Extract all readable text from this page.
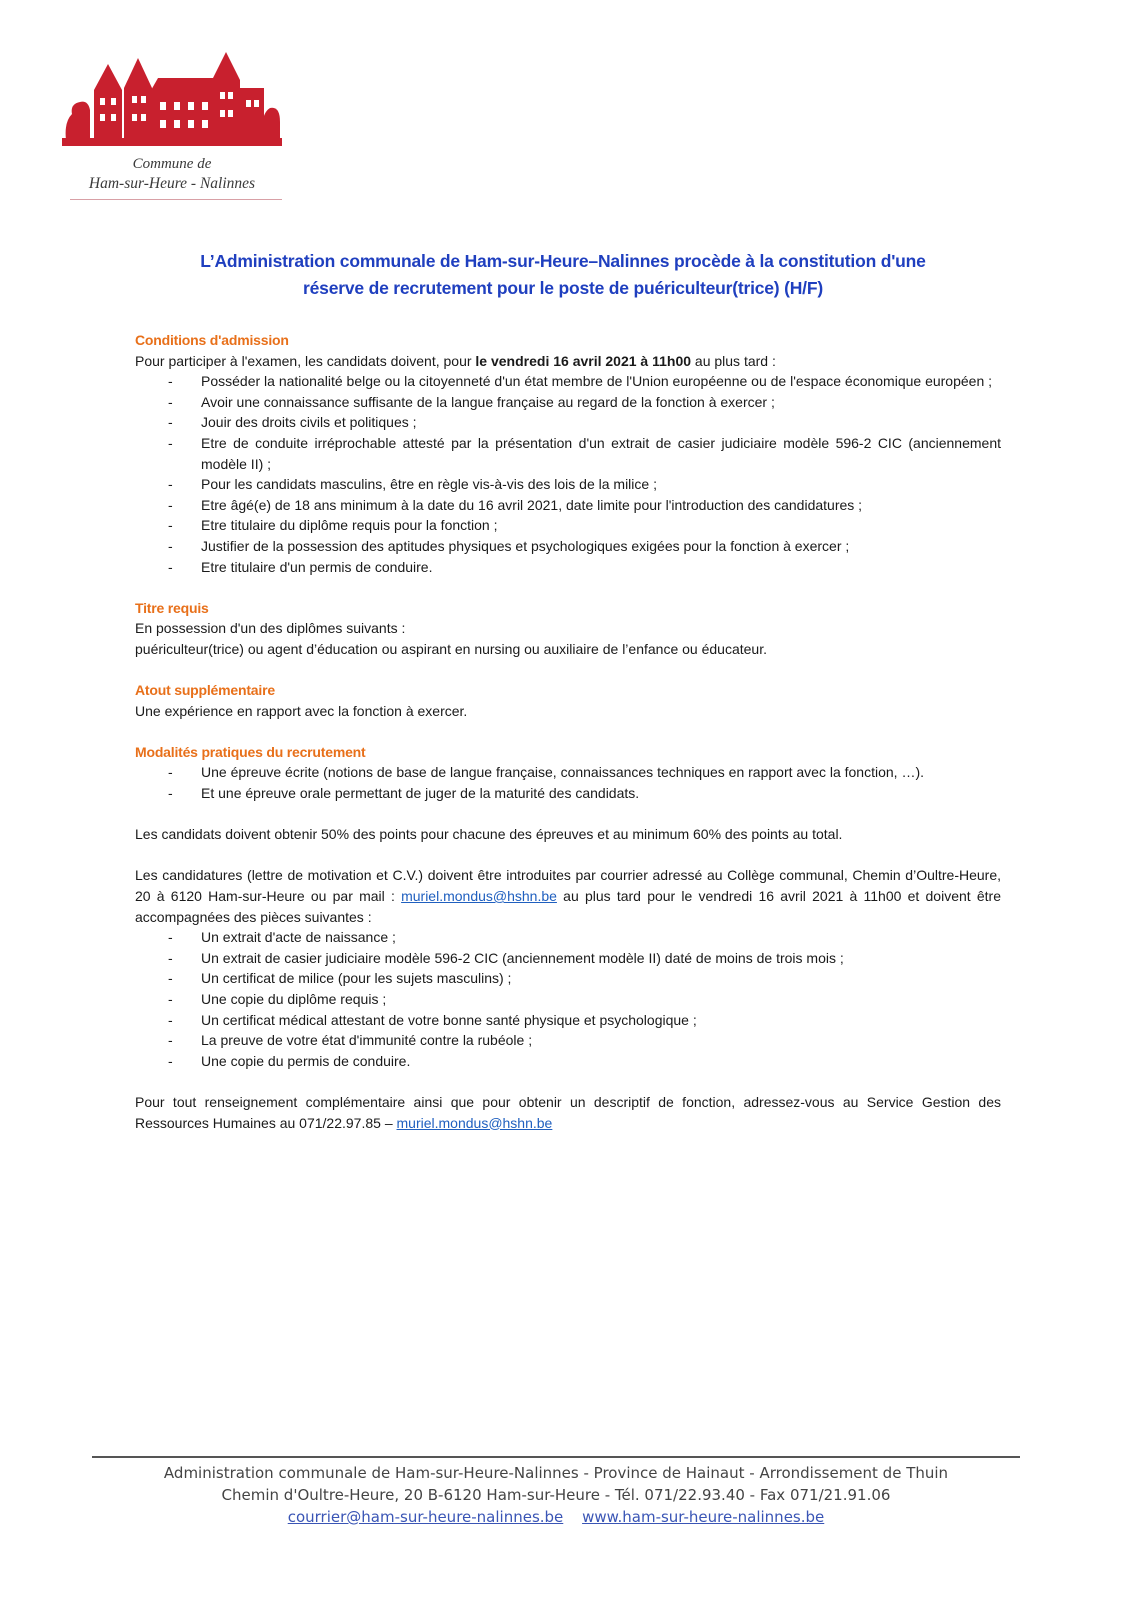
Commune de
Ham-sur-Heure - Nalinnes
L’Administration communale de Ham-sur-Heure–Nalinnes procède à la constitution d'une
réserve de recrutement pour le poste de puériculteur(trice) (H/F)
Conditions d'admission

Pour participer à l'examen, les candidats doivent, pour le vendredi 16 avril 2021 à 11h00 au plus tard :

- Posséder la nationalité belge ou la citoyenneté d'un état membre de l'Union européenne ou de l'espace économique européen ;
- Avoir une connaissance suffisante de la langue française au regard de la fonction à exercer ;
- Jouir des droits civils et politiques ;
- Etre de conduite irréprochable attesté par la présentation d'un extrait de casier judiciaire modèle 596-2 CIC (anciennement modèle II) ;
- Pour les candidats masculins, être en règle vis-à-vis des lois de la milice ;
- Etre âgé(e) de 18 ans minimum à la date du 16 avril 2021, date limite pour l'introduction des candidatures ;
- Etre titulaire du diplôme requis pour la fonction ;
- Justifier de la possession des aptitudes physiques et psychologiques exigées pour la fonction à exercer ;
- Etre titulaire d'un permis de conduire.
Titre requis

En possession d'un des diplômes suivants :

puériculteur(trice) ou agent d’éducation ou aspirant en nursing ou auxiliaire de l’enfance ou éducateur.

Atout supplémentaire

Une expérience en rapport avec la fonction à exercer.

Modalités pratiques du recrutement
- Une épreuve écrite (notions de base de langue française, connaissances techniques en rapport avec la fonction, …).
- Et une épreuve orale permettant de juger de la maturité des candidats.

Les candidats doivent obtenir 50% des points pour chacune des épreuves et au minimum 60% des points au total.

Les candidatures (lettre de motivation et C.V.) doivent être introduites par courrier adressé au Collège communal, Chemin d’Oultre-Heure, 20 à 6120 Ham-sur-Heure ou par mail : muriel.mondus@hshn.be au plus tard pour le vendredi 16 avril 2021 à 11h00 et doivent être accompagnées des pièces suivantes :

- Un extrait d'acte de naissance ;
- Un extrait de casier judiciaire modèle 596-2 CIC (anciennement modèle II) daté de moins de trois mois ;
- Un certificat de milice (pour les sujets masculins) ;
- Une copie du diplôme requis ;
- Un certificat médical attestant de votre bonne santé physique et psychologique ;
- La preuve de votre état d'immunité contre la rubéole ;
- Une copie du permis de conduire.

Pour tout renseignement complémentaire ainsi que pour obtenir un descriptif de fonction, adressez-vous au Service Gestion des Ressources Humaines au 071/22.97.85 – muriel.mondus@hshn.be

Administration communale de Ham-sur-Heure-Nalinnes - Province de Hainaut - Arrondissement de Thuin
Chemin d'Oultre-Heure, 20 B-6120 Ham-sur-Heure - Tél. 071/22.93.40 - Fax 071/21.91.06
courrier@ham-sur-heure-nalinnes.be www.ham-sur-heure-nalinnes.be
